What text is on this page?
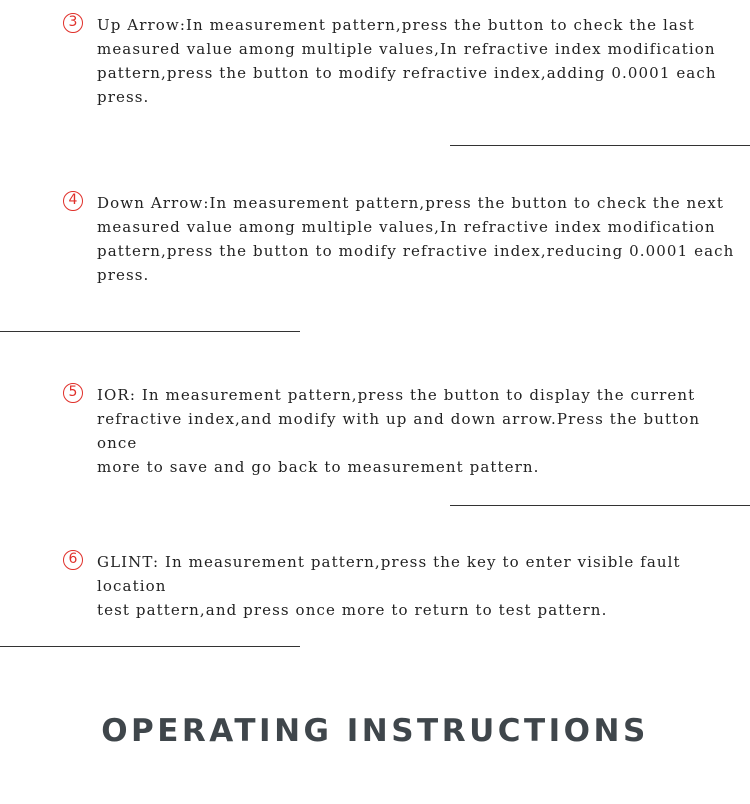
3	Up Arrow:In measurement pattern,press the button to check the last
measured value among multiple values,In refractive index modification
pattern,press the button to modify refractive index,adding 0.0001 each press.

4	Down Arrow:In measurement pattern,press the button to check the next
measured value among multiple values,In refractive index modification
pattern,press the button to modify refractive index,reducing 0.0001 each
press.

5	IOR: In measurement pattern,press the button to display the current
refractive index,and modify with up and down arrow.Press the button once
more to save and go back to measurement pattern.

6	GLINT: In measurement pattern,press the key to enter visible fault location
test pattern,and press once more to return to test pattern.

OPERATING INSTRUCTIONS
